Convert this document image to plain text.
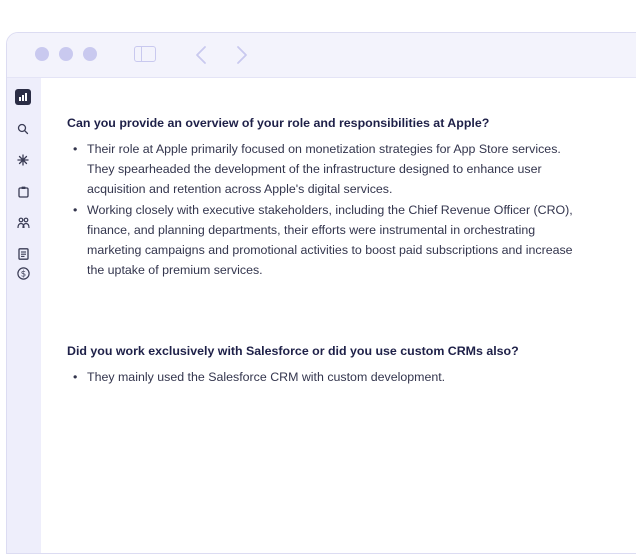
$

Can you provide an overview of your role and responsibilities at Apple?

• Their role at Apple primarily focused on monetization strategies for App Store services. They spearheaded the development of the infrastructure designed to enhance user acquisition and retention across Apple's digital services.
• Working closely with executive stakeholders, including the Chief Revenue Officer (CRO), finance, and planning departments, their efforts were instrumental in orchestrating marketing campaigns and promotional activities to boost paid subscriptions and increase the uptake of premium services.

Did you work exclusively with Salesforce or did you use custom CRMs also?

• They mainly used the Salesforce CRM with custom development.
